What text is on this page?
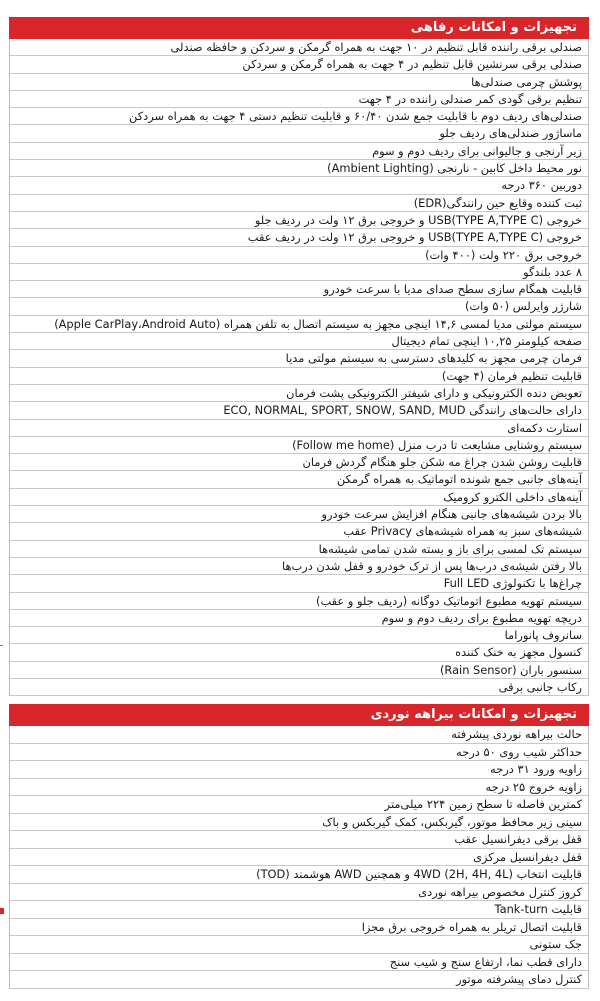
تجهیزات و امکانات رفاهی
صندلی برقی راننده قابل تنظیم در ۱۰ جهت به همراه گرمکن و سردکن و حافظه صندلی
صندلی برقی سرنشین قابل تنظیم در ۴ جهت به همراه گرمکن و سردکن
پوشش چرمی صندلی‌ها
تنظیم برقی گودی کمر صندلی راننده در ۴ جهت
صندلی‌های ردیف دوم با قابلیت جمع شدن ۶۰/۴۰ و قابلیت تنظیم دستی ۴ جهت به همراه سردکن
ماساژور صندلی‌های ردیف جلو
زیر آرنجی و جالیوانی برای ردیف دوم و سوم
نور محیط داخل کابین - نارنجی (Ambient Lighting)
دوربین ۳۶۰ درجه
ثبت کننده وقایع حین رانندگی(EDR)
خروجی USB(TYPE A,TYPE C) و خروجی برق ۱۲ ولت در ردیف جلو
خروجی USB(TYPE A,TYPE C) و خروجی برق ۱۲ ولت در ردیف عقب
خروجی برق ۲۲۰ ولت (۴۰۰ وات)
۸ عدد بلندگو
قابلیت همگام سازی سطح صدای مدیا با سرعت خودرو
شارژر وایرلس (۵۰ وات)
سیستم مولتی مدیا لمسی ۱۴,۶ اینچی مجهز به سیستم اتصال به تلفن همراه (Apple CarPlay،Android Auto)
صفحه کیلومتر ۱۰,۲۵ اینچی تمام دیجیتال
فرمان چرمی مجهز به کلیدهای دسترسی به سیستم مولتی مدیا
قابلیت تنظیم فرمان (۴ جهت)
تعویض دنده الکترونیکی و دارای شیفتر الکترونیکی پشت فرمان
دارای حالت‌های رانندگی ECO, NORMAL, SPORT, SNOW, SAND, MUD
استارت دکمه‌ای
سیستم روشنایی مشایعت تا درب منزل (Follow me home)
قابلیت روشن شدن چراغ مه شکن جلو هنگام گردش فرمان
آینه‌های جانبی جمع شونده اتوماتیک به همراه گرمکن
آینه‌های داخلی الکترو کرومیک
بالا بردن شیشه‌های جانبی هنگام افزایش سرعت خودرو
شیشه‌های سبز به همراه شیشه‌های Privacy عقب
سیستم تک لمسی برای باز و بسته شدن تمامی شیشه‌ها
بالا رفتن شیشه‌ی درب‌ها پس از ترک خودرو و قفل شدن درب‌ها
چراغ‌ها با تکنولوژی Full LED
سیستم تهویه مطبوع اتوماتیک دوگانه (ردیف جلو و عقب)
دریچه تهویه مطبوع برای ردیف دوم و سوم
سانروف پانوراما
کنسول مجهز به خنک کننده
سنسور باران (Rain Sensor)
رکاب جانبی برقی
تجهیزات و امکانات بیراهه نوردی
حالت بیراهه نوردی پیشرفته
حداکثر شیب روی ۵۰ درجه
زاویه ورود ۳۱ درجه
زاویه خروج ۲۵ درجه
کمترین فاصله تا سطح زمین ۲۲۴ میلی‌متر
سینی زیر محافظ موتور، گیربکس، کمک گیربکس و باک
قفل برقی دیفرانسیل عقب
قفل دیفرانسیل مرکزی
قابلیت انتخاب 4WD (2H, 4H, 4L) و همچنین AWD هوشمند (TOD)
کروز کنترل مخصوص بیراهه نوردی
قابلیت Tank-turn
قابلیت اتصال تریلر به همراه خروجی برق مجزا
جک ستونی
دارای قطب نما، ارتفاع سنج و شیب سنج
کنترل دمای پیشرفته موتور
